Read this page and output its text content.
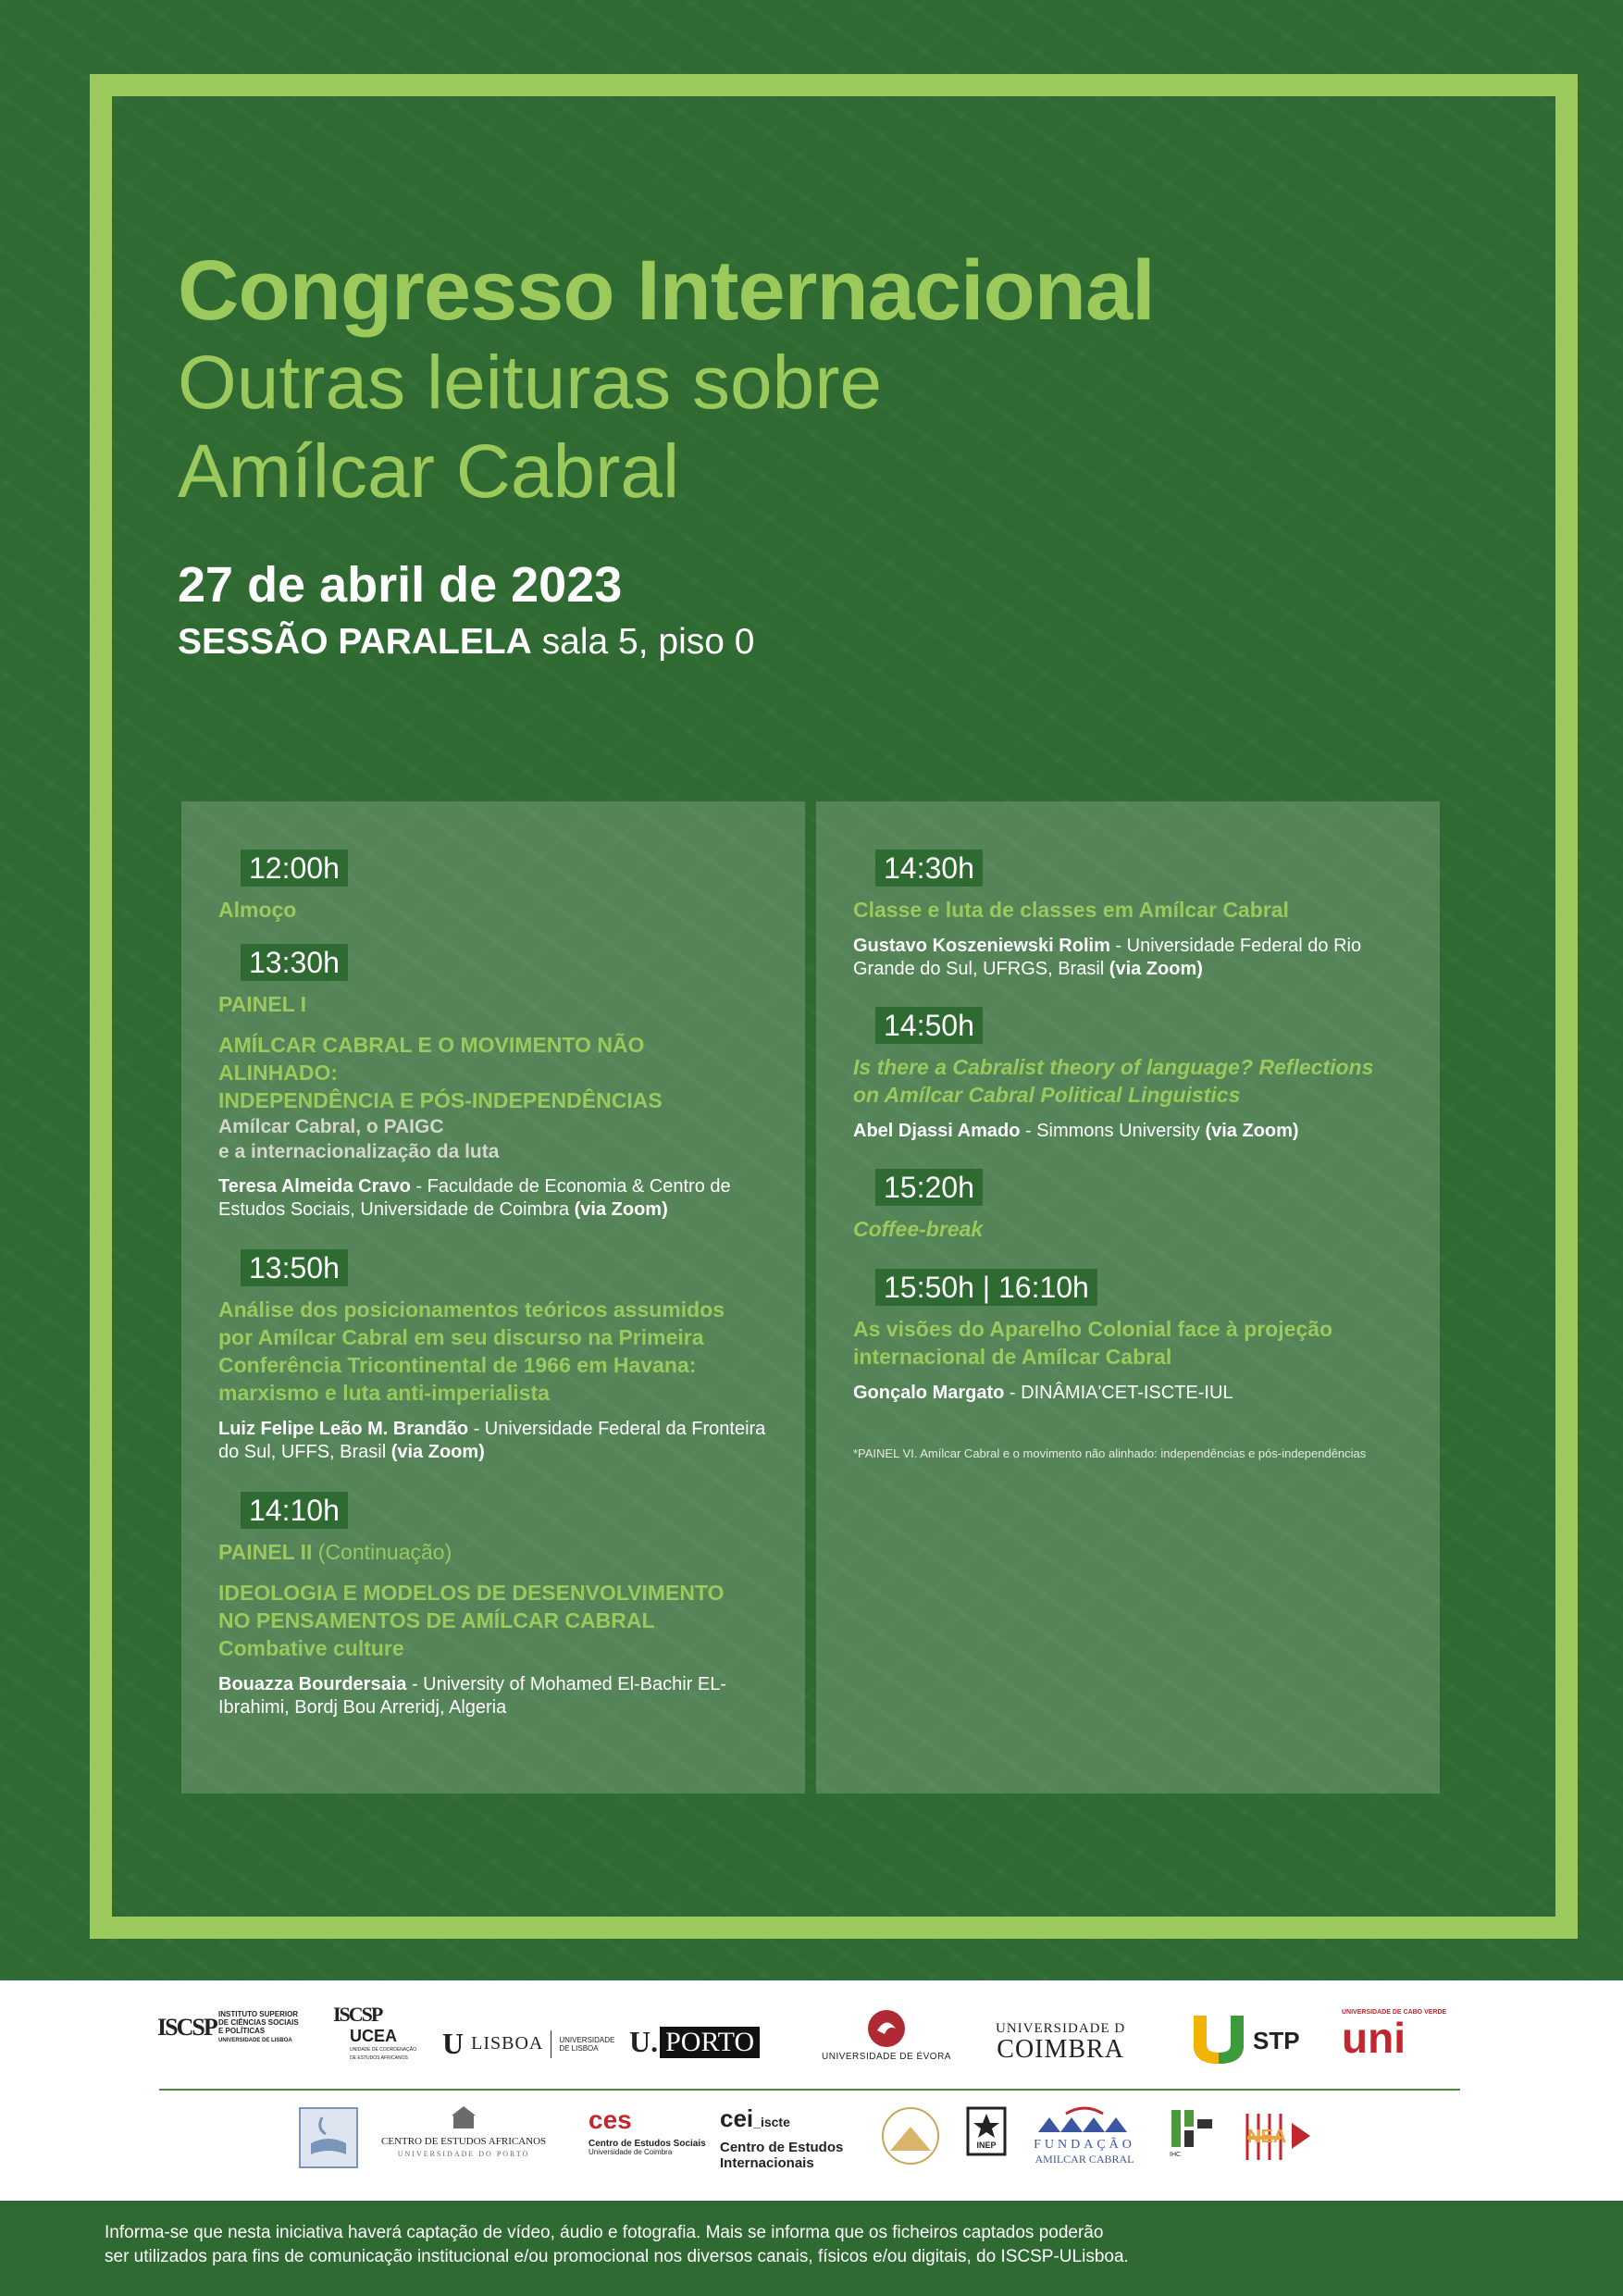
Congresso Internacional

Outras leituras sobre

Amílcar Cabral

27 de abril de 2023

SESSÃO PARALELA sala 5, piso 0

12:00h

Almoço

13:30h

PAINEL I

AMÍLCAR CABRAL E O MOVIMENTO NÃO

ALINHADO:

INDEPENDÊNCIA E PÓS-INDEPENDÊNCIAS

Amílcar Cabral, o PAIGC

e a internacionalização da luta

Teresa Almeida Cravo - Faculdade de Economia & Centro de Estudos Sociais, Universidade de Coimbra (via Zoom)

13:50h

Análise dos posicionamentos teóricos assumidos

por Amílcar Cabral em seu discurso na Primeira

Conferência Tricontinental de 1966 em Havana:

marxismo e luta anti-imperialista

Luiz Felipe Leão M. Brandão - Universidade Federal da Fronteira do Sul, UFFS, Brasil (via Zoom)

14:10h

PAINEL II (Continuação)

IDEOLOGIA E MODELOS DE DESENVOLVIMENTO

NO PENSAMENTOS DE AMÍLCAR CABRAL

Combative culture

Bouazza Bourdersaia - University of Mohamed El-Bachir EL-Ibrahimi, Bordj Bou Arreridj, Algeria

14:30h

Classe e luta de classes em Amílcar Cabral

Gustavo Koszeniewski Rolim - Universidade Federal do Rio Grande do Sul, UFRGS, Brasil (via Zoom)

14:50h

Is there a Cabralist theory of language? Reflections

on Amílcar Cabral Political Linguistics

Abel Djassi Amado - Simmons University (via Zoom)

15:20h

Coffee-break

15:50h | 16:10h

As visões do Aparelho Colonial face à projeção

internacional de Amílcar Cabral

Gonçalo Margato - DINÂMIA'CET-ISCTE-IUL

*PAINEL VI. Amílcar Cabral e o movimento não alinhado: independências e pós-independências

ISCSP INSTITUTO SUPERIOR
DE CIÊNCIAS SOCIAIS
E POLÍTICAS
UNIVERSIDADE DE LISBOA
ISCSP
UCEA
UNIDADE DE COORDENAÇÃO DE ESTUDOS AFRICANOS	U LISBOA UNIVERSIDADE
DE LISBOA	U. PORTO	UNIVERSIDADE DE ÉVORA
UNIVERSIDADE D
COIMBRA	STP
UNIVERSIDADE DE CABO VERDE
uni
CENTRO DE ESTUDOS AFRICANOS
UNIVERSIDADE DO PORTO
ces
Centro de Estudos Sociais
Universidade de Coimbra
cei_iscte
Centro de Estudos
Internacionais
INEP	FUNDAÇÃO
AMILCAR CABRAL	IHC
NEA

Informa-se que nesta iniciativa haverá captação de vídeo, áudio e fotografia. Mais se informa que os ficheiros captados poderão
ser utilizados para fins de comunicação institucional e/ou promocional nos diversos canais, físicos e/ou digitais, do ISCSP-ULisboa.
